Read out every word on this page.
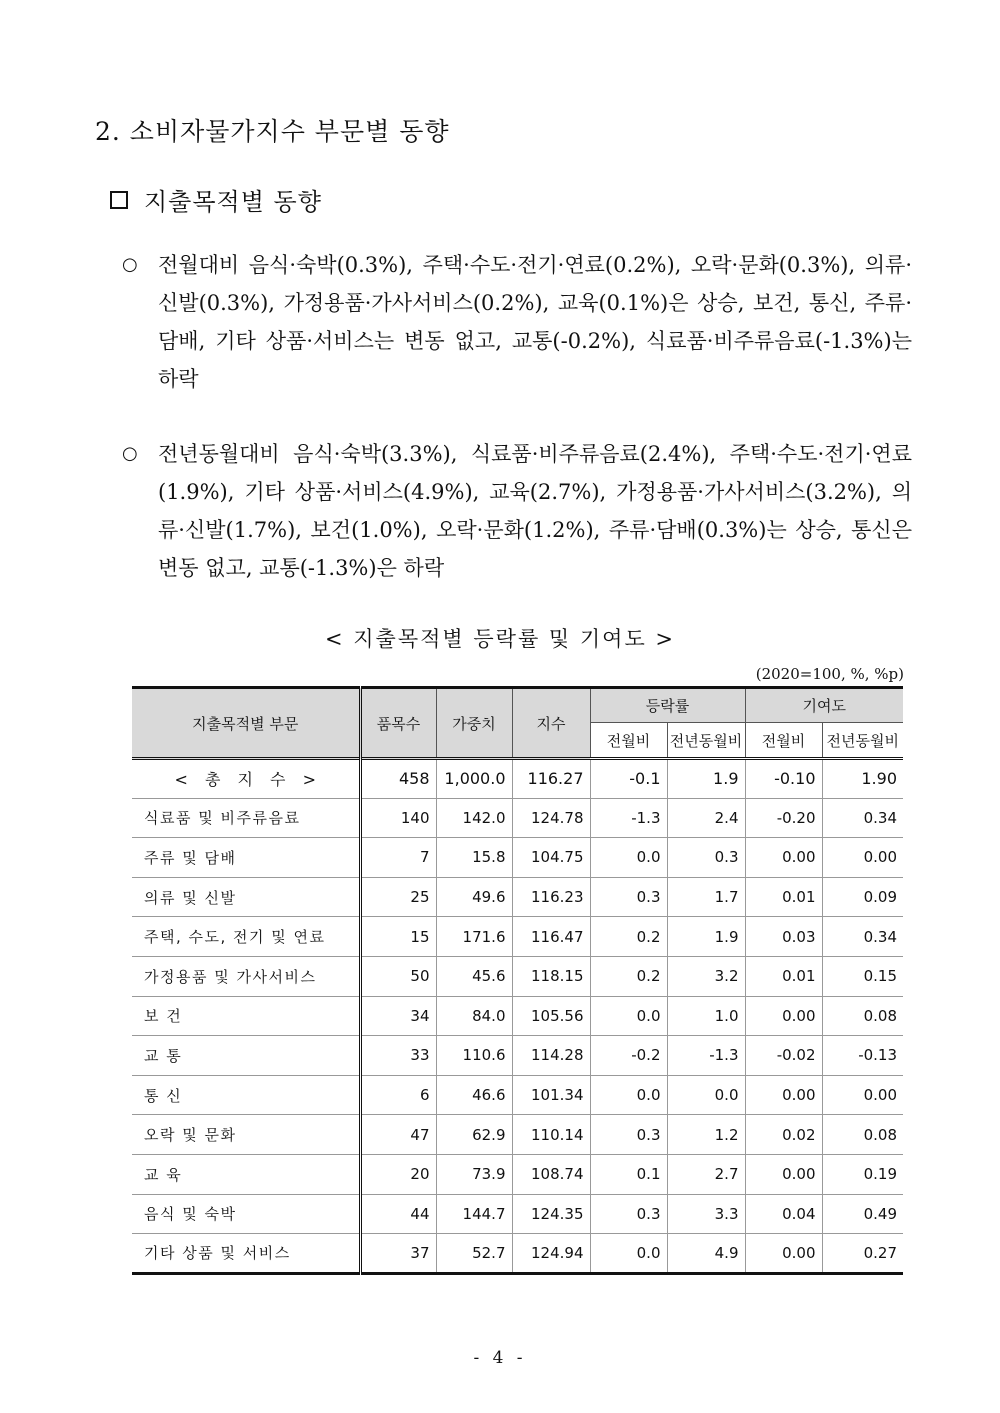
2. 소비자물가지수 부문별 동향
지출목적별 동향
○ 전월대비 음식·숙박(0.3%), 주택·수도·전기·연료(0.2%), 오락·문화(0.3%), 의류·신발(0.3%), 가정용품·가사서비스(0.2%), 교육(0.1%)은 상승, 보건, 통신, 주류·담배, 기타 상품·서비스는 변동 없고, 교통(-0.2%), 식료품·비주류음료(-1.3%)는 하락
○ 전년동월대비 음식·숙박(3.3%), 식료품·비주류음료(2.4%), 주택·수도·전기·연료(1.9%), 기타 상품·서비스(4.9%), 교육(2.7%), 가정용품·가사서비스(3.2%), 의류·신발(1.7%), 보건(1.0%), 오락·문화(1.2%), 주류·담배(0.3%)는 상승, 통신은 변동 없고, 교통(-1.3%)은 하락
< 지출목적별 등락률 및 기여도 >
(2020=100, %, %p)
지출목적별 부문	품목수	가중치	지수	등락률		기여도	
				전월비	전년동월비	전월비	전년동월비
< 총 지 수 >	458	1,000.0	116.27	-0.1	1.9	-0.10	1.90
식료품 및 비주류음료	140	142.0	124.78	-1.3	2.4	-0.20	0.34
주류 및 담배	7	15.8	104.75	0.0	0.3	0.00	0.00
의류 및 신발	25	49.6	116.23	0.3	1.7	0.01	0.09
주택, 수도, 전기 및 연료	15	171.6	116.47	0.2	1.9	0.03	0.34
가정용품 및 가사서비스	50	45.6	118.15	0.2	3.2	0.01	0.15
보 건	34	84.0	105.56	0.0	1.0	0.00	0.08
교 통	33	110.6	114.28	-0.2	-1.3	-0.02	-0.13
통 신	6	46.6	101.34	0.0	0.0	0.00	0.00
오락 및 문화	47	62.9	110.14	0.3	1.2	0.02	0.08
교 육	20	73.9	108.74	0.1	2.7	0.00	0.19
음식 및 숙박	44	144.7	124.35	0.3	3.3	0.04	0.49
기타 상품 및 서비스	37	52.7	124.94	0.0	4.9	0.00	0.27
- 4 -
